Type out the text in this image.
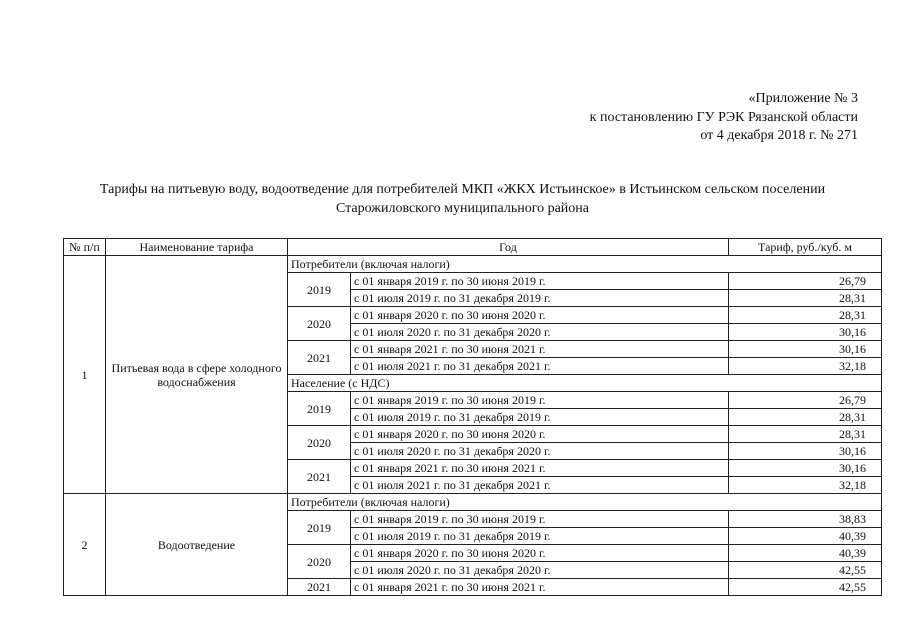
«Приложение № 3
к постановлению ГУ РЭК Рязанской области
от 4 декабря 2018 г. № 271
Тарифы на питьевую воду, водоотведение для потребителей МКП «ЖКХ Истьинское» в Истьинском сельском поселении
Старожиловского муниципального района
№ п/п	Наименование тарифа	Год		Тариф, руб./куб. м
1	Питьевая вода в сфере холодного водоснабжения	Потребители (включая налоги)		
		2019	с 01 января 2019 г. по 30 июня 2019 г.	26,79
			с 01 июля 2019 г. по 31 декабря 2019 г.	28,31
		2020	с 01 января 2020 г. по 30 июня 2020 г.	28,31
			с 01 июля 2020 г. по 31 декабря 2020 г.	30,16
		2021	с 01 января 2021 г. по 30 июня 2021 г.	30,16
			с 01 июля 2021 г. по 31 декабря 2021 г.	32,18
		Население (с НДС)		
		2019	с 01 января 2019 г. по 30 июня 2019 г.	26,79
			с 01 июля 2019 г. по 31 декабря 2019 г.	28,31
		2020	с 01 января 2020 г. по 30 июня 2020 г.	28,31
			с 01 июля 2020 г. по 31 декабря 2020 г.	30,16
		2021	с 01 января 2021 г. по 30 июня 2021 г.	30,16
			с 01 июля 2021 г. по 31 декабря 2021 г.	32,18
2	Водоотведение	Потребители (включая налоги)		
		2019	с 01 января 2019 г. по 30 июня 2019 г.	38,83
			с 01 июля 2019 г. по 31 декабря 2019 г.	40,39
		2020	с 01 января 2020 г. по 30 июня 2020 г.	40,39
			с 01 июля 2020 г. по 31 декабря 2020 г.	42,55
		2021	с 01 января 2021 г. по 30 июня 2021 г.	42,55
